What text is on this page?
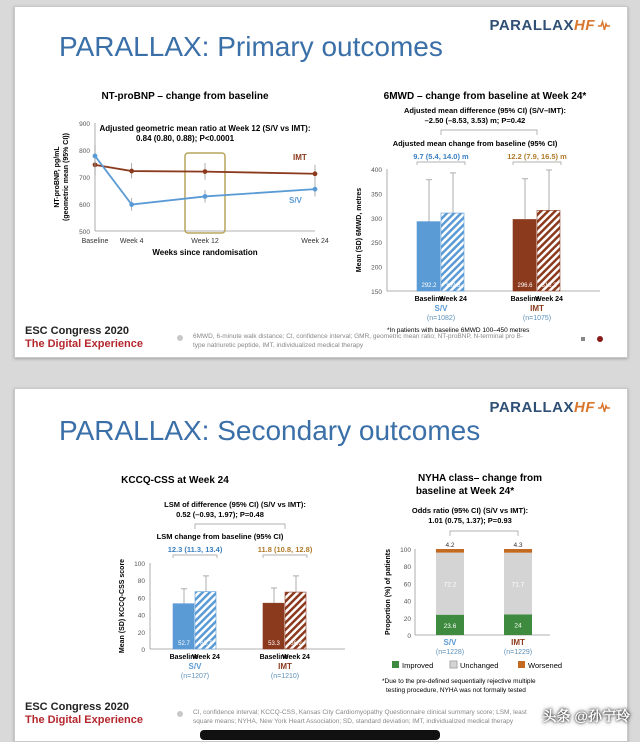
PARALLAXHF
PARALLAX: Primary outcomes
NT-proBNP – change from baseline
Adjusted geometric mean ratio at Week 12 (S/V vs IMT):
0.84 (0.80, 0.88); P<0.0001
500
600
700
800
900
Baseline Week 4	Week 12	Week 24
Weeks since randomisation
NT-proBNP, pg/mL (geometric mean (95% CI))	IMT
S/V
6MWD – change from baseline at Week 24*
Adjusted mean difference (95% CI) (S/V–IMT):
–2.50 (–8.53, 3.53) m; P=0.42
Adjusted mean change from baseline (95% CI)
150
200
250
300
350
400
Mean (SD) 6MWD, metres
292.2
Baseline
309.8
Week 24
S/V
(n=1082)
9.7 (5.4, 14.0) m
296.6
Baseline
315.2
Week 24
IMT
(n=1075)
12.2 (7.9, 16.5) m
*In patients with baseline 6MWD 100–450 metres
ESC Congress 2020
The Digital Experience
6MWD, 6-minute walk distance; CI, confidence interval; GMR, geometric mean ratio; NT-proBNP, N-terminal pro B-
type natriuretic peptide, IMT, individualized medical therapy
PARALLAXHF
PARALLAX: Secondary outcomes
KCCQ-CSS at Week 24
LSM of difference (95% CI) (S/V vs IMT):
0.52 (–0.93, 1.97); P=0.48
LSM change from baseline (95% CI)
0
20
40
60
80
100
Mean (SD) KCCQ-CSS score	52.7
Baseline
66.7
Week 24
S/V
(n=1207)
12.3 (11.3, 13.4)
53.3
Baseline
66.2
Week 24
IMT
(n=1210)
11.8 (10.8, 12.8)
NYHA class– change from
baseline at Week 24*
Odds ratio (95% CI) (S/V vs IMT):
1.01 (0.75, 1.37); P=0.93
0
20
40
60
80
100
Proportion (%) of patients	23.6
72.2
4.2
S/V
(n=1228)
24
71.7
4.3
IMT
(n=1229)
Improved	Unchanged	Worsened
*Due to the pre-defined sequentially rejective multiple
testing procedure, NYHA was not formally tested
ESC Congress 2020
The Digital Experience
CI, confidence interval; KCCQ-CSS, Kansas City Cardiomyopathy Questionnaire clinical summary score; LSM, least
square means; NYHA, New York Heart Association; SD, standard deviation; IMT, individualized medical therapy	头条 @孙宁玲
